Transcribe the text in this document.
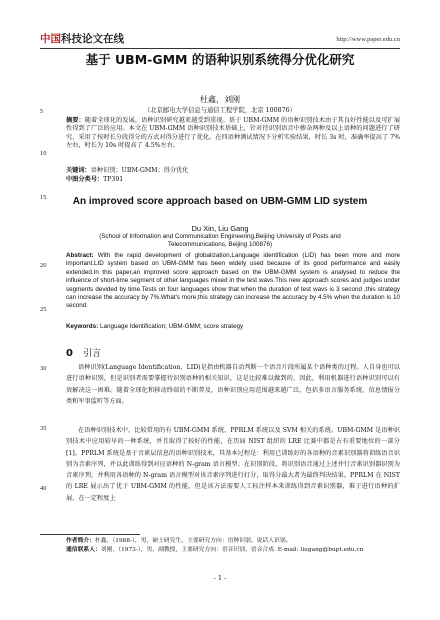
中国科技论文在线	http://www.paper.edu.cn
基于 UBM-GMM 的语种识别系统得分优化研究
杜鑫，刘刚
（北京邮电大学信息与通信工程学院，北京 100876）
摘要：随着全球化的发展，语种识别研究越来越受到重视。基于 UBM-GMM 的语种识别技术由于其良好性能以及可扩展性得到了广泛的应用。本文在 UBM-GMM 语种识别技术基础上，针对待识别语音中掺杂两种及以上语种的问题进行了研究，采用了按时长分段得分的方式对得分进行了优化。在四语种测试情况下分析实验结果，时长 3s 时，准确率提高了 7%左右，时长为 10s 时提高了 4.5%左右。
关键词：语种识别；UBM-GMM；得分优化
中图分类号：TP391
An improved score approach based on UBM-GMM LID system
Du Xin, Liu Gang
(School of Information and Communication Engineering,Beijing University of Posts and Telecommunications, Beijing 100876)
Abstract: With the rapid development of globalization,Language identification (LID) has been more and more important.LID system based on UBM-GMM has been widely used because of its good performance and easily extended.In this paper,an improved score approach based on the UBM-GMM system is analysed to reduce the influence of short-time segment of other languages mixed in the test wavs.This new approach scores and judges under segments devided by time.Tests on four languages show that when the duration of test wavs is 3 second ,this strategy can increase the accuracy by 7%.What's more,this strategy can increase the accuracy by 4.5% when the duration is 10 second.
Keywords: Language Identification; UBM-GMM; score strategy
0 引言
语种识别(Language Identification，LID)是指由机器自动判断一个语音片段所属某个语种类的过程。人自身也可以进行语种识别，但是识别者需要掌握待识别语种的相关知识，这是比较难以做到的，因此，利用机器进行语种识别可以有效解决这一困难。随着全球化和移动终端的不断普及，语种识别应用范围越来越广泛，包括多语言服务系统、信息情报分类和军事监听等方面。
在语种识别技术中，比较常用的有 UBM-GMM 系统、PPRLM 系统以及 SVM 相关的系统。UBM-GMM 是语种识别技术中应用较早的一种系统，并且取得了较好的性能，在历届 NIST 组织的 LRE 比赛中都是占有重要地位的一部分[1]。PPRLM 系统是基于音素层信息的语种识别技术，其基本过程是：利用已训练好的各语种的音素识别器将训练语音识别为音素序列，并以此训练得到对应语种的 N-gram 语言模型；在识别阶段，将识别语音通过上述并行音素识别器识别为音素序列，并利用各语种的 N-gram 语言模型对该音素序列进行打分，取得分最大者为最终判决结果。PPRLM 在 NIST 的 LRE 展示出了优于 UBM-GMM 的性能，但是该方法需要人工标注样本来训练得到音素识别器，难于进行语种的扩展，在一定程度上
作者简介：杜鑫，（1988-），男，硕士研究生，主要研究方向：语种识别、说话人识别。
通信联系人：刘刚，（1973-），男，副教授，主要研究方向：语音识别、语音合成. E-mail: liugang@bupt.edu.cn
- 1 -
5
10
15
20
25
30
35
40
